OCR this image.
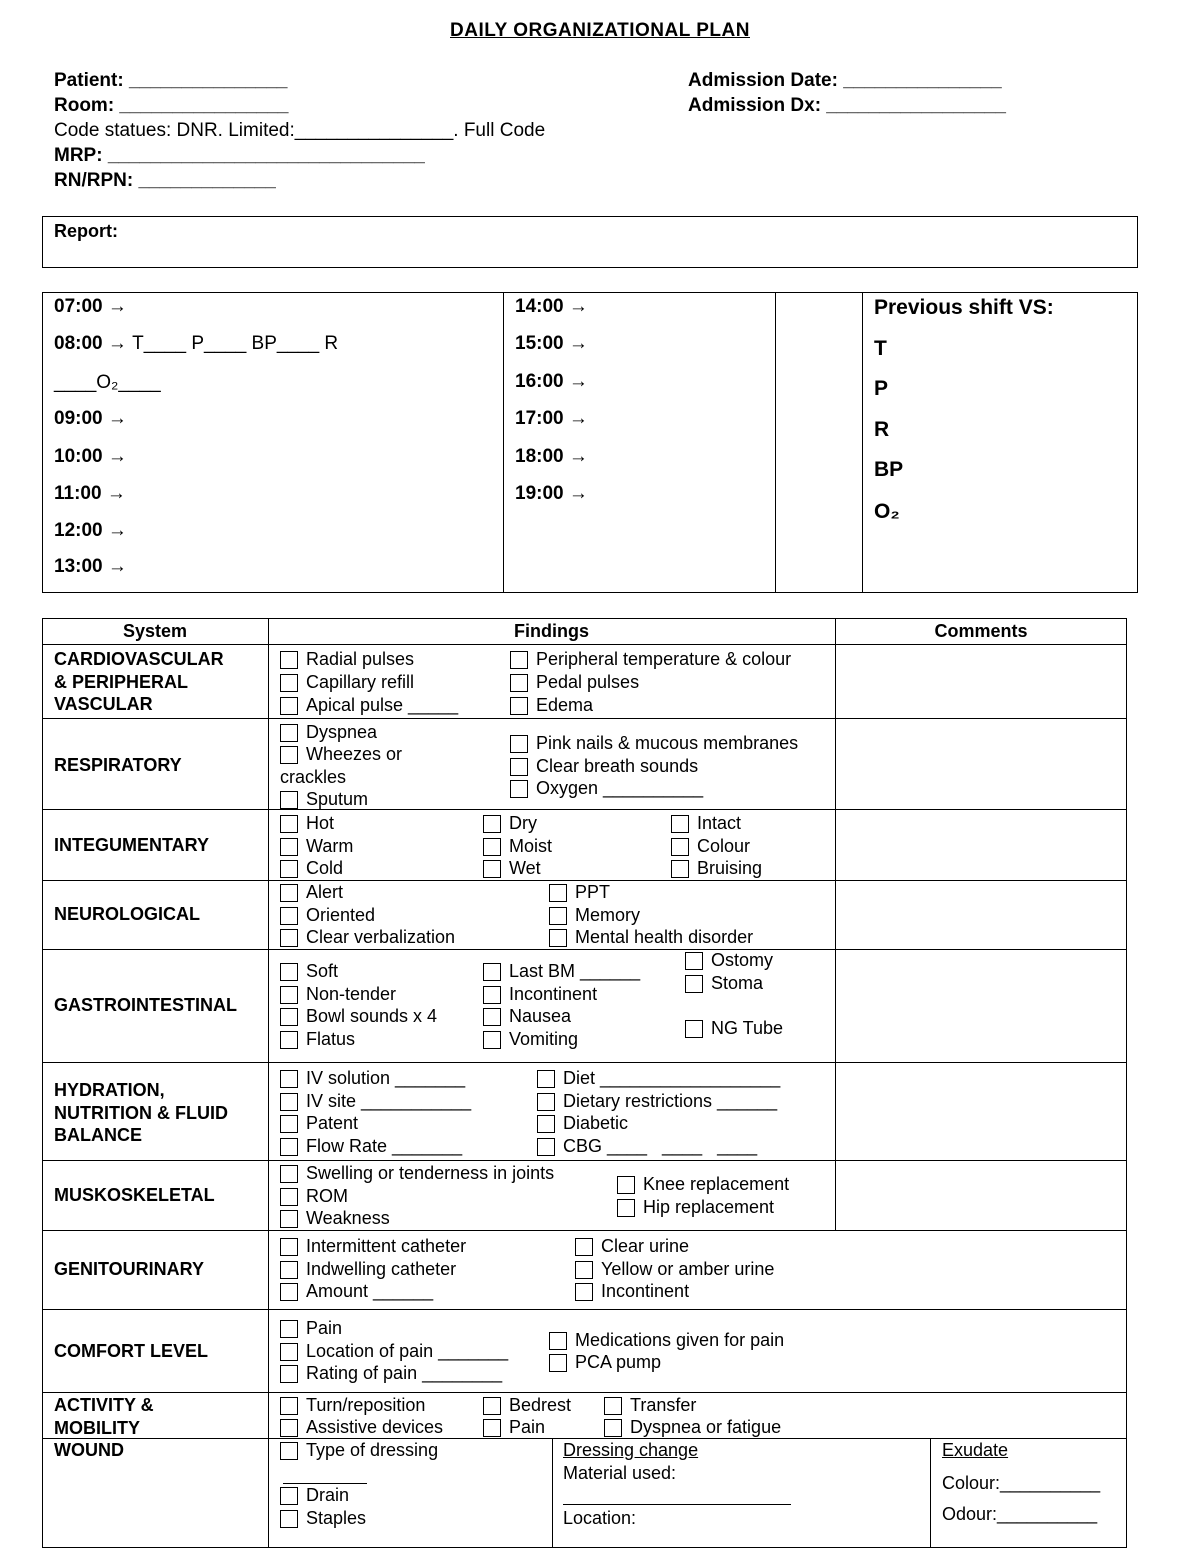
DAILY ORGANIZATIONAL PLAN
Patient: _______________
Room: ________________
Code statues: DNR. Limited:_______________. Full Code
MRP: ______________________________
RN/RPN: _____________
Admission Date: _______________
Admission Dx: _________________
Report:
07:00 →
08:00 → T____ P____ BP____ R
____O₂____
09:00 →
10:00 →
11:00 →
12:00 →
13:00 →
14:00 →
15:00 →
16:00 →
17:00 →
18:00 →
19:00 →
Previous shift VS:
T
P
R
BP
O₂
System	Findings	Comments
CARDIOVASCULAR
& PERIPHERAL
VASCULAR
RESPIRATORY
INTEGUMENTARY
NEUROLOGICAL
GASTROINTESTINAL
HYDRATION,
NUTRITION & FLUID
BALANCE
MUSKOSKELETAL
GENITOURINARY
COMFORT LEVEL
ACTIVITY &
MOBILITY
WOUND
Radial pulses
Capillary refill
Apical pulse _____
Peripheral temperature & colour
Pedal pulses
Edema
Dyspnea
Wheezes or
crackles
Sputum
Pink nails & mucous membranes
Clear breath sounds
Oxygen __________
Hot
Warm
Cold
Dry
Moist
Wet
Intact
Colour
Bruising
Alert
Oriented
Clear verbalization
PPT
Memory
Mental health disorder
Soft
Non-tender
Bowl sounds x 4
Flatus
Last BM ______
Incontinent
Nausea
Vomiting
Ostomy
Stoma
NG Tube
IV solution _______
IV site ___________
Patent
Flow Rate _______
Diet __________________
Dietary restrictions ______
Diabetic
CBG ____   ____   ____
Swelling or tenderness in joints
ROM
Weakness
Knee replacement
Hip replacement
Intermittent catheter
Indwelling catheter
Amount ______
Clear urine
Yellow or amber urine
Incontinent
Pain
Location of pain _______
Rating of pain ________
Medications given for pain
PCA pump
Turn/reposition
Assistive devices
Bedrest
Pain
Transfer
Dyspnea or fatigue
Type of dressing
Drain
Staples
Dressing change
Material used:
Location:
Exudate
Colour:__________
Odour:__________
